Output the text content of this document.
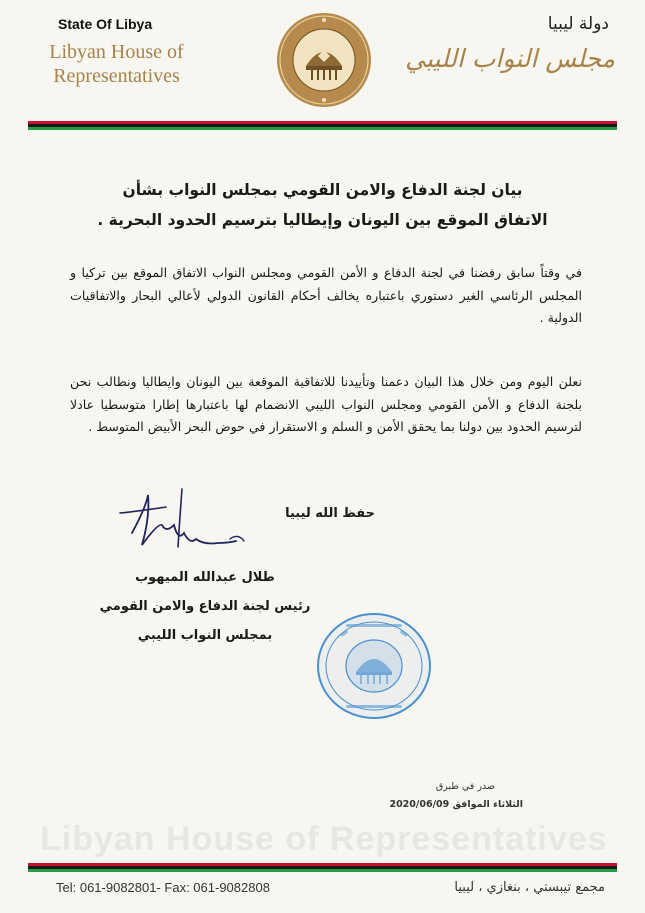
State Of Libya
Libyan House of
Representatives
دولة ليبيا
مجلس النواب الليبي
بيان لجنة الدفاع والامن القومي بمجلس النواب بشأن
الاتفاق الموقع بين اليونان وإيطاليا بترسيم الحدود البحرية .
في وقتاً سابق رفضنا في لجنة الدفاع و الأمن القومي ومجلس النواب الاتفاق الموقع بين تركيا و المجلس الرئاسي الغير دستوري باعتباره يخالف أحكام القانون الدولي لأعالي البحار والاتفاقيات الدولية .
نعلن اليوم ومن خلال هذا البيان دعمنا وتأييدنا للاتفاقية الموقعة بين اليونان وايطاليا ونطالب نحن بلجنة الدفاع و الأمن القومي ومجلس النواب الليبي الانضمام لها باعتبارها إطارا متوسطيا عادلا لترسيم الحدود بين دولنا بما يحقق الأمن و السلم و الاستقرار في حوض البحر الأبيض المتوسط .
حفظ الله ليبيا
طلال عبدالله الميهوب
رئيس لجنة الدفاع والامن القومي
بمجلس النواب الليبي
صدر في طبرق
الثلاثاء الموافق 2020/06/09
Libyan House of Representatives
Tel: 061-9082801- Fax: 061-9082808	مجمع تيبستي ، بنغازي ، ليبيا
